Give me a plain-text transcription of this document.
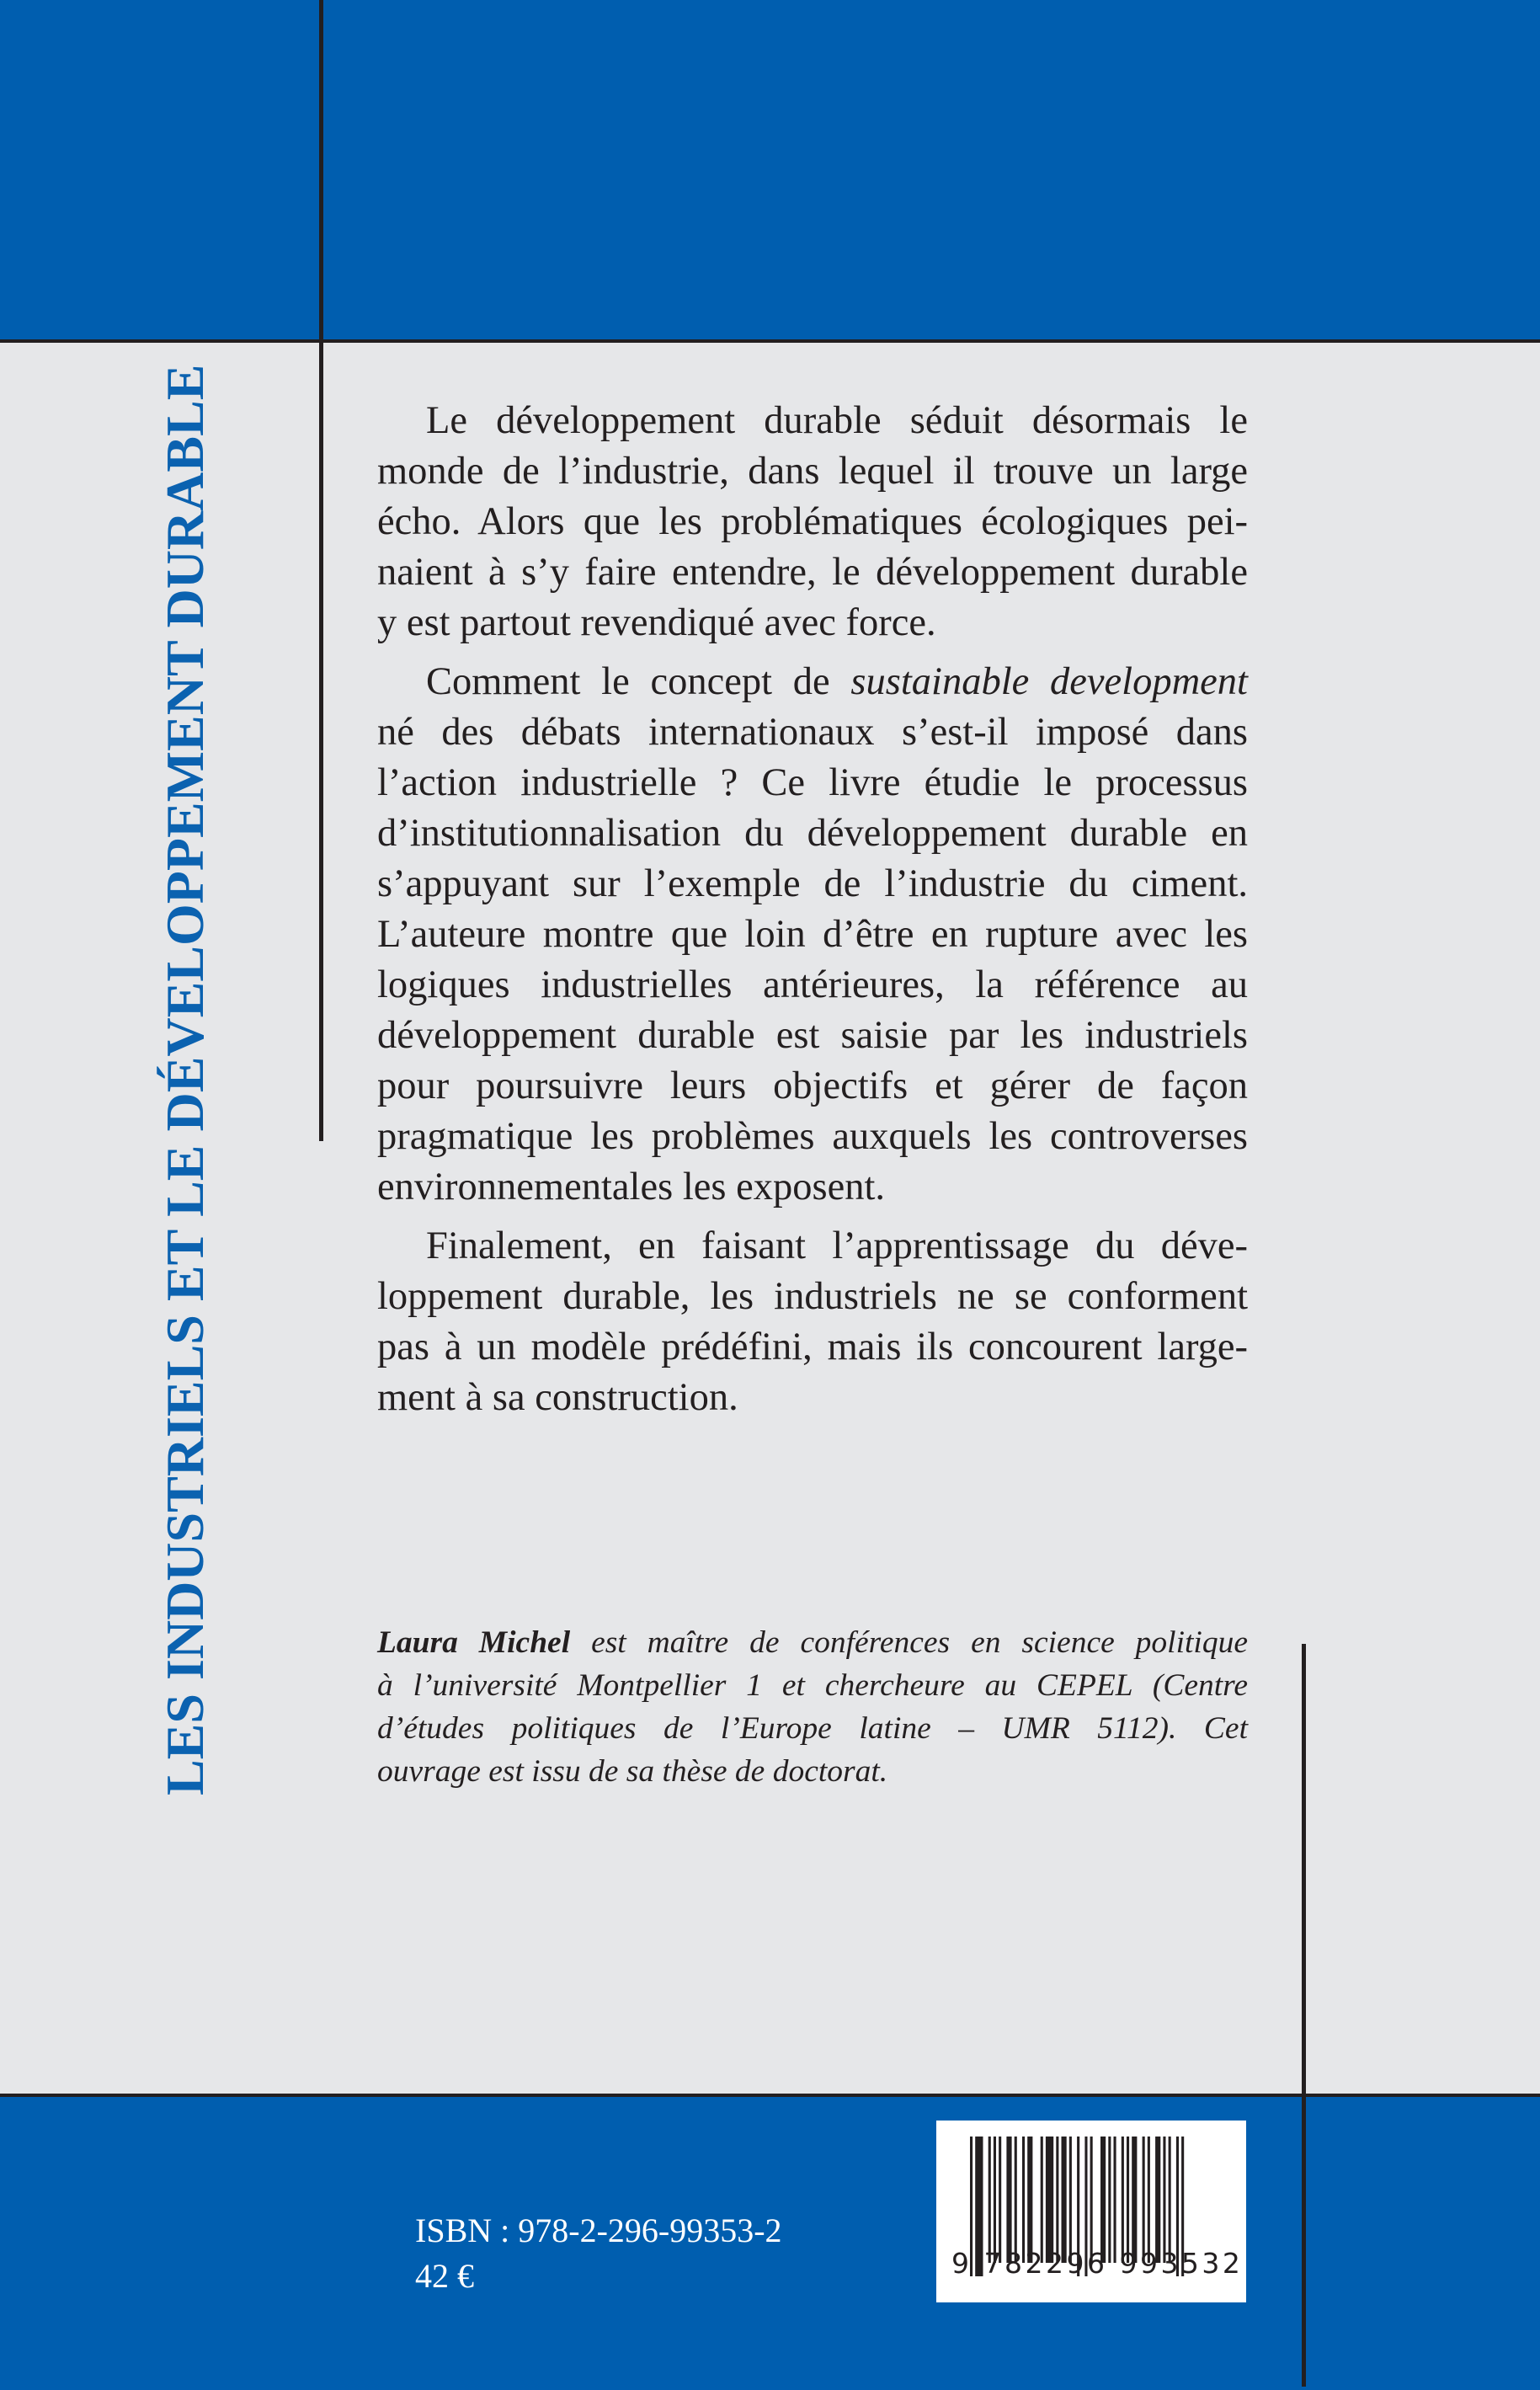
LES INDUSTRIELS ET LE DÉVELOPPEMENT DURABLE	Le développement durable séduit désormais le
monde de l’industrie, dans lequel il trouve un large
écho. Alors que les problématiques écologiques pei-
naient à s’y faire entendre, le développement durable
y est partout revendiqué avec force.
Comment le concept de sustainable development
né des débats internationaux s’est-il imposé dans
l’action industrielle ? Ce livre étudie le processus
d’institutionnalisation du développement durable en
s’appuyant sur l’exemple de l’industrie du ciment.
L’auteure montre que loin d’être en rupture avec les
logiques industrielles antérieures, la référence au
développement durable est saisie par les industriels
pour poursuivre leurs objectifs et gérer de façon
pragmatique les problèmes auxquels les controverses
environnementales les exposent.
Finalement, en faisant l’apprentissage du déve-
loppement durable, les industriels ne se conforment
pas à un modèle prédéfini, mais ils concourent large-
ment à sa construction.
Laura Michel est maître de conférences en science politique
à l’université Montpellier 1 et chercheure au CEPEL (Centre
d’études politiques de l’Europe latine – UMR 5112). Cet
ouvrage est issu de sa thèse de doctorat.
ISBN : 978-2-296-99353-2
42 €	9 782296 993532
